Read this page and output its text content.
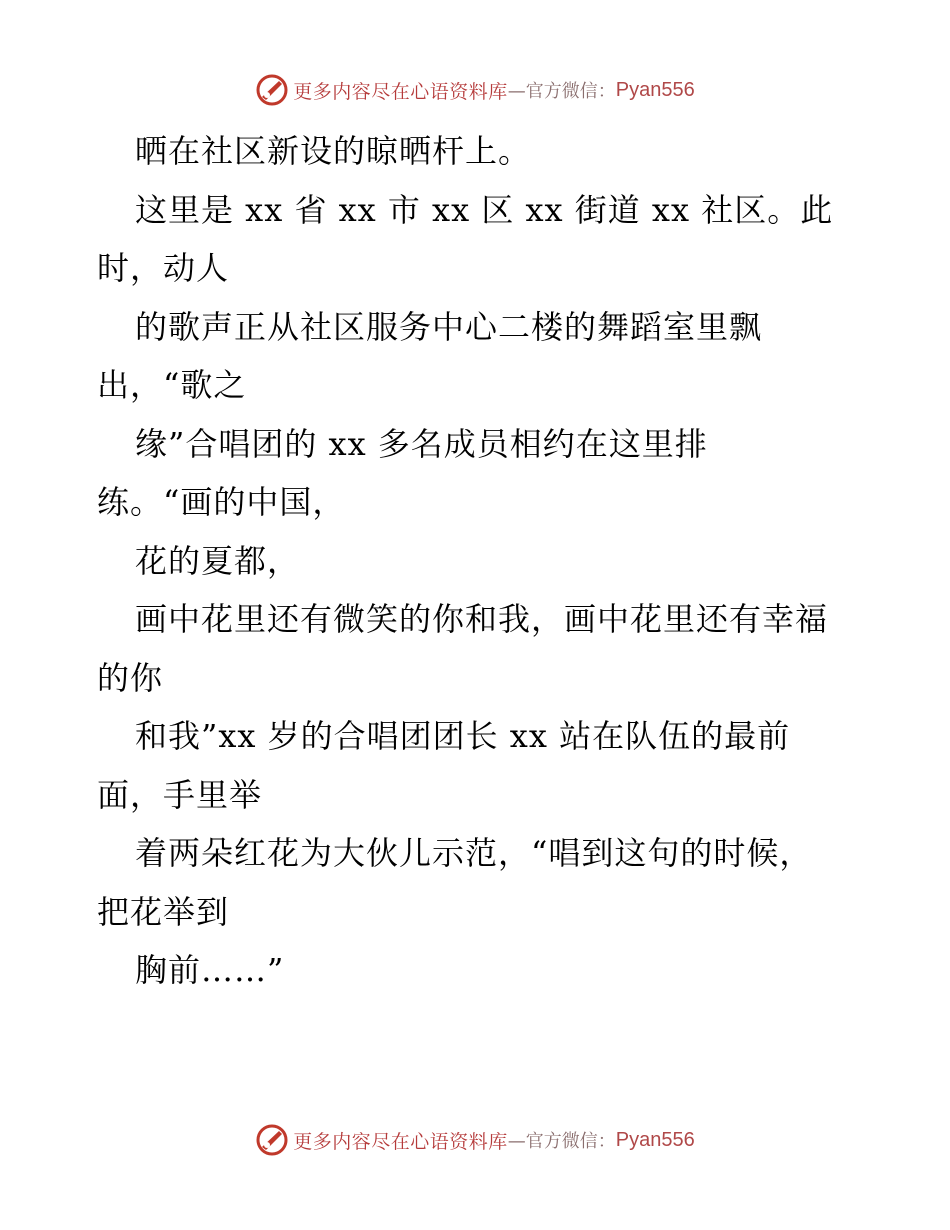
更多内容尽在心语资料库 —官方微信： Pyan556
晒在社区新设的晾晒杆上。
这里是 xx 省 xx 市 xx 区 xx 街道 xx 社区。此
时，动人
的歌声正从社区服务中心二楼的舞蹈室里飘
出，“歌之
缘”合唱团的 xx 多名成员相约在这里排
练。“画的中国，
花的夏都，
画中花里还有微笑的你和我，画中花里还有幸福
的你
和我”xx 岁的合唱团团长 xx 站在队伍的最前
面，手里举
着两朵红花为大伙儿示范，“唱到这句的时候，
把花举到
胸前……”
更多内容尽在心语资料库 —官方微信： Pyan556
